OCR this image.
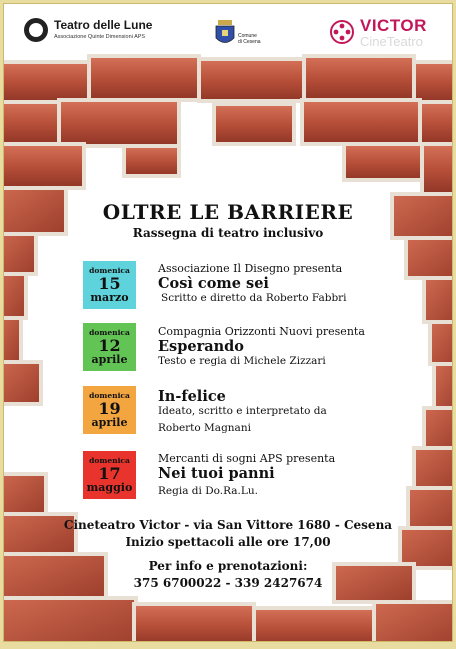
Teatro delle Lune
Associazione Quinte Dimensioni APS	Comune
di Cesena
VICTOR
CineTeatro
OLTRE LE BARRIERE
Rassegna di teatro inclusivo
domenica
15
marzo
Associazione Il Disegno presenta
Così come sei
Scritto e diretto da Roberto Fabbri
domenica
12
aprile
Compagnia Orizzonti Nuovi presenta
Esperando
Testo e regia di Michele Zizzari
domenica
19
aprile
In-felice
Ideato, scritto e interpretato da
Roberto Magnani
domenica
17
maggio
Mercanti di sogni APS presenta
Nei tuoi panni
Regia di Do.Ra.Lu.
Cineteatro Victor - via San Vittore 1680 - Cesena
Inizio spettacoli alle ore 17,00
Per info e prenotazioni:
375 6700022 - 339 2427674
